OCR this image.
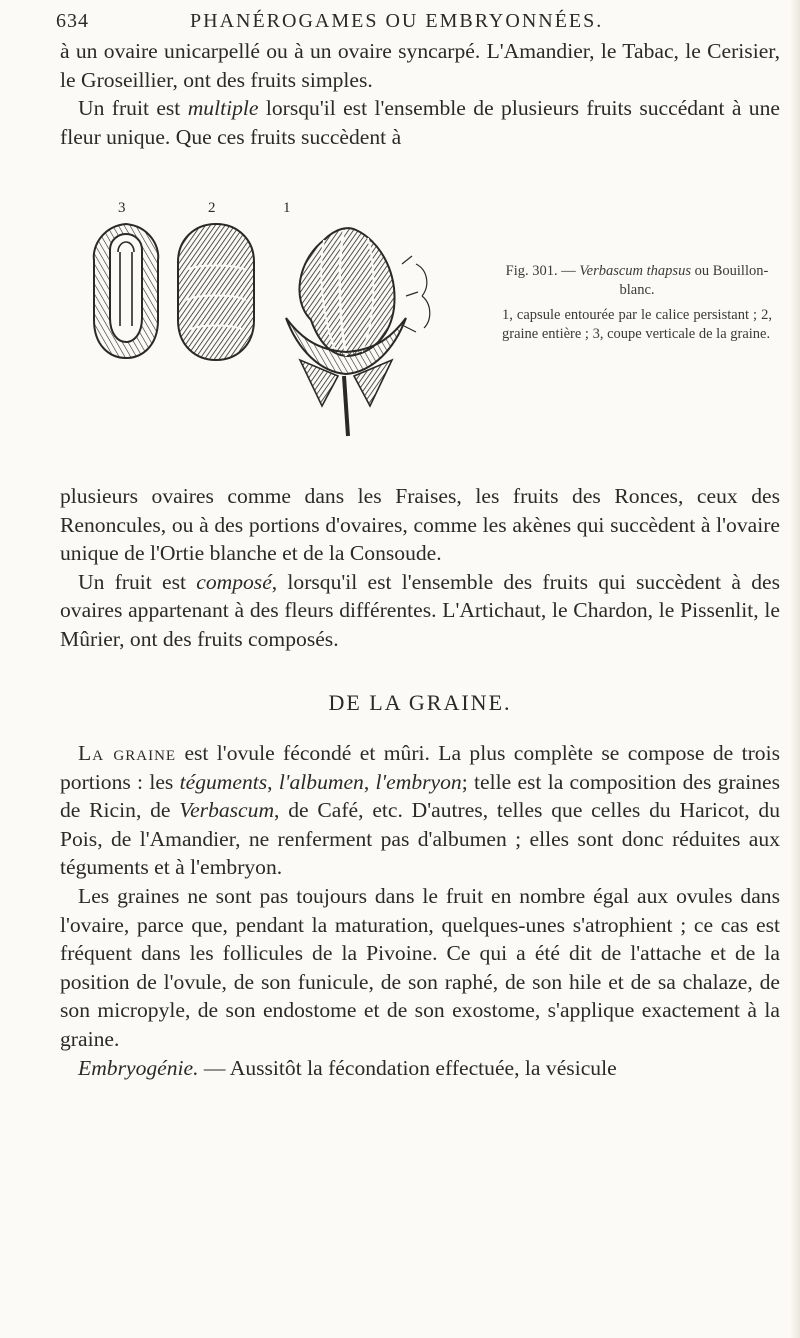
634	PHANÉROGAMES OU EMBRYONNÉES.

à un ovaire unicarpellé ou à un ovaire syncarpé. L'Amandier, le Tabac, le Cerisier, le Groseillier, ont des fruits simples.

Un fruit est multiple lorsqu'il est l'ensemble de plusieurs fruits succédant à une fleur unique. Que ces fruits succèdent à

3	2	1

Fig. 301. — Verbascum thapsus ou Bouillon-blanc.

1, capsule entourée par le calice persistant ; 2, graine entière ; 3, coupe verticale de la graine.

plusieurs ovaires comme dans les Fraises, les fruits des Ronces, ceux des Renoncules, ou à des portions d'ovaires, comme les akènes qui succèdent à l'ovaire unique de l'Ortie blanche et de la Consoude.

Un fruit est composé, lorsqu'il est l'ensemble des fruits qui succèdent à des ovaires appartenant à des fleurs différentes. L'Artichaut, le Chardon, le Pissenlit, le Mûrier, ont des fruits composés.

DE LA GRAINE.

La graine est l'ovule fécondé et mûri. La plus complète se compose de trois portions : les téguments, l'albumen, l'embryon; telle est la composition des graines de Ricin, de Verbascum, de Café, etc. D'autres, telles que celles du Haricot, du Pois, de l'Amandier, ne renferment pas d'albumen ; elles sont donc réduites aux téguments et à l'embryon.

Les graines ne sont pas toujours dans le fruit en nombre égal aux ovules dans l'ovaire, parce que, pendant la maturation, quelques-unes s'atrophient ; ce cas est fréquent dans les follicules de la Pivoine. Ce qui a été dit de l'attache et de la position de l'ovule, de son funicule, de son raphé, de son hile et de sa chalaze, de son micropyle, de son endostome et de son exostome, s'applique exactement à la graine.

Embryogénie. — Aussitôt la fécondation effectuée, la vésicule
